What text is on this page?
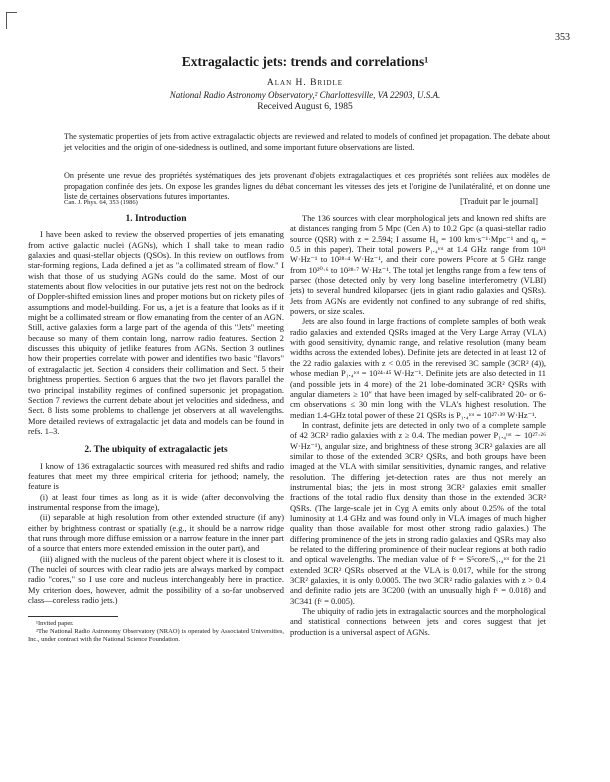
353
Extragalactic jets: trends and correlations¹
Alan H. Bridle
National Radio Astronomy Observatory,² Charlottesville, VA 22903, U.S.A.
Received August 6, 1985

The systematic properties of jets from active extragalactic objects are reviewed and related to models of confined jet propagation. The debate about jet velocities and the origin of one-sidedness is outlined, and some important future observations are listed.

On présente une revue des propriétés systématiques des jets provenant d'objets extragalactiques et ces propriétés sont reliées aux modèles de propagation confinée des jets. On expose les grandes lignes du débat concernant les vitesses des jets et l'origine de l'unilatéralité, et on donne une liste de certaines observations futures importantes.

Can. J. Phys. 64, 353 (1986)	[Traduit par le journal]
1. Introduction

I have been asked to review the observed properties of jets emanating from active galactic nuclei (AGNs), which I shall take to mean radio galaxies and quasi-stellar objects (QSOs). In this review on outflows from star-forming regions, Lada defined a jet as "a collimated stream of flow." I wish that those of us studying AGNs could do the same. Most of our statements about flow velocities in our putative jets rest not on the bedrock of Doppler-shifted emission lines and proper motions but on rickety piles of assumptions and model-building. For us, a jet is a feature that looks as if it might be a collimated stream or flow emanating from the center of an AGN. Still, active galaxies form a large part of the agenda of this "Jets" meeting because so many of them contain long, narrow radio features. Section 2 discusses this ubiquity of jetlike features from AGNs. Section 3 outlines how their properties correlate with power and identifies two basic "flavors" of extragalactic jet. Section 4 considers their collimation and Sect. 5 their brightness properties. Section 6 argues that the two jet flavors parallel the two principal instability regimes of confined supersonic jet propagation. Section 7 reviews the current debate about jet velocities and sidedness, and Sect. 8 lists some problems to challenge jet observers at all wavelengths. More detailed reviews of extragalactic jet data and models can be found in refs. 1–3.

2. The ubiquity of extragalactic jets

I know of 136 extragalactic sources with measured red shifts and radio features that meet my three empirical criteria for jethood; namely, the feature is

(i) at least four times as long as it is wide (after deconvolving the instrumental response from the image),

(ii) separable at high resolution from other extended structure (if any) either by brightness contrast or spatially (e.g., it should be a narrow ridge that runs through more diffuse emission or a narrow feature in the inner part of a source that enters more extended emission in the outer part), and

(iii) aligned with the nucleus of the parent object where it is closest to it. (The nuclei of sources with clear radio jets are always marked by compact radio "cores," so I use core and nucleus interchangeably here in practice. My criterion does, however, admit the possibility of a so-far unobserved class—coreless radio jets.)

¹Invited paper.
²The National Radio Astronomy Observatory (NRAO) is operated by Associated Universities, Inc., under contract with the National Science Foundation.

The 136 sources with clear morphological jets and known red shifts are at distances ranging from 5 Mpc (Cen A) to 10.2 Gpc (a quasi-stellar radio source (QSR) with z = 2.594; I assume H₀ = 100 km·s⁻¹·Mpc⁻¹ and q₀ = 0.5 in this paper). Their total powers P₁.₄ᵗᵒᵗ at 1.4 GHz range from 10²¹ W·Hz⁻¹ to 10²⁸·⁴ W·Hz⁻¹, and their core powers P⁵core at 5 GHz range from 10²⁰·⁶ to 10²⁸·⁷ W·Hz⁻¹. The total jet lengths range from a few tens of parsec (those detected only by very long baseline interferometry (VLBI) jets) to several hundred kiloparsec (jets in giant radio galaxies and QSRs). Jets from AGNs are evidently not confined to any subrange of red shifts, powers, or size scales.

Jets are also found in large fractions of complete samples of both weak radio galaxies and extended QSRs imaged at the Very Large Array (VLA) with good sensitivity, dynamic range, and relative resolution (many beam widths across the extended lobes). Definite jets are detected in at least 12 of the 22 radio galaxies with z < 0.05 in the rerevised 3C sample (3CR² (4)), whose median P₁.₄ᵗᵒᵗ = 10²⁴·⁴⁵ W·Hz⁻¹. Definite jets are also detected in 11 (and possible jets in 4 more) of the 21 lobe-dominated 3CR² QSRs with angular diameters ≥ 10″ that have been imaged by self-calibrated 20- or 6-cm observations ≤ 30 min long with the VLA's highest resolution. The median 1.4-GHz total power of these 21 QSRs is P₁.₄ᵗᵒᵗ = 10²⁷·³⁹ W·Hz⁻¹.

In contrast, definite jets are detected in only two of a complete sample of 42 3CR² radio galaxies with z ≥ 0.4. The median power P₁.₄ᵗᵒᵗ ∼ 10²⁷·²⁶ W·Hz⁻¹), angular size, and brightness of these strong 3CR² galaxies are all similar to those of the extended 3CR² QSRs, and both groups have been imaged at the VLA with similar sensitivities, dynamic ranges, and relative resolution. The differing jet-detection rates are thus not merely an instrumental bias; the jets in most strong 3CR² galaxies emit smaller fractions of the total radio flux density than those in the extended 3CR² QSRs. (The large-scale jet in Cyg A emits only about 0.25% of the total luminosity at 1.4 GHz and was found only in VLA images of much higher quality than those available for most other strong radio galaxies.) The differing prominence of the jets in strong radio galaxies and QSRs may also be related to the differing prominence of their nuclear regions at both radio and optical wavelengths. The median value of fᶜ = S⁵core/S₁.₄ᵗᵒᵗ for the 21 extended 3CR² QSRs observed at the VLA is 0.017, while for the strong 3CR² galaxies, it is only 0.0005. The two 3CR² radio galaxies with z > 0.4 and definite radio jets are 3C200 (with an unusually high fᶜ = 0.018) and 3C341 (fᶜ = 0.005).

The ubiquity of radio jets in extragalactic sources and the morphological and statistical connections between jets and cores suggest that jet production is a universal aspect of AGNs.
